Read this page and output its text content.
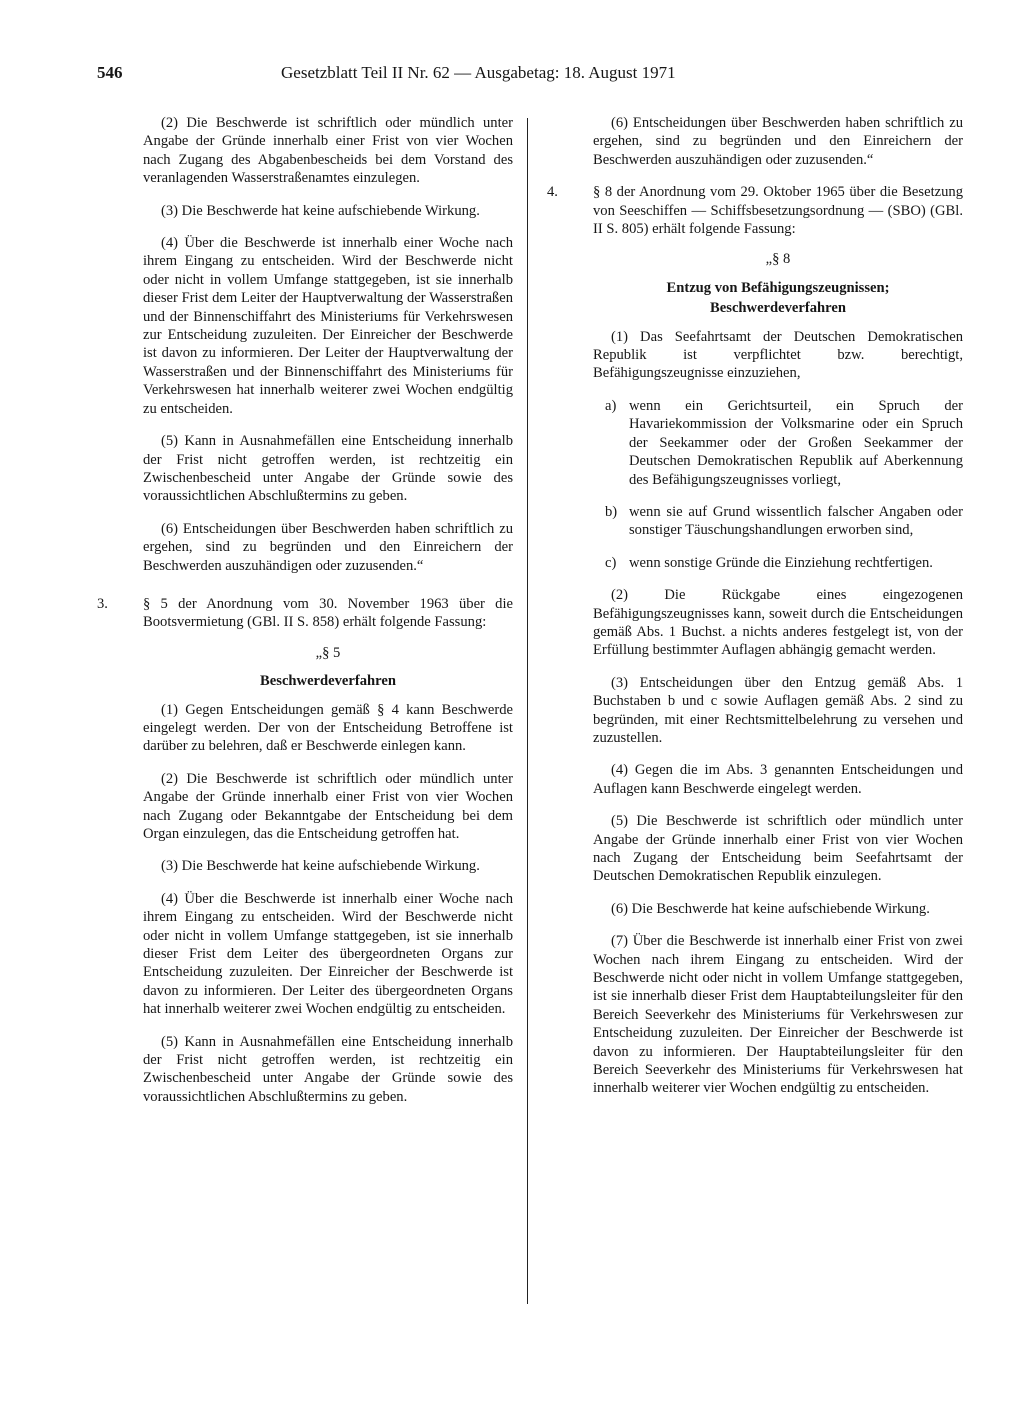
546	Gesetzblatt Teil II Nr. 62 — Ausgabetag: 18. August 1971

(2) Die Beschwerde ist schriftlich oder mündlich unter Angabe der Gründe innerhalb einer Frist von vier Wochen nach Zugang des Abgabenbescheids bei dem Vorstand des veranlagenden Wasserstraßenamtes einzulegen.

(3) Die Beschwerde hat keine aufschiebende Wirkung.

(4) Über die Beschwerde ist innerhalb einer Woche nach ihrem Eingang zu entscheiden. Wird der Beschwerde nicht oder nicht in vollem Umfange stattgegeben, ist sie innerhalb dieser Frist dem Leiter der Hauptverwaltung der Wasserstraßen und der Binnenschiffahrt des Ministeriums für Verkehrswesen zur Entscheidung zuzuleiten. Der Einreicher der Beschwerde ist davon zu informieren. Der Leiter der Hauptverwaltung der Wasserstraßen und der Binnenschiffahrt des Ministeriums für Verkehrswesen hat innerhalb weiterer zwei Wochen endgültig zu entscheiden.

(5) Kann in Ausnahmefällen eine Entscheidung innerhalb der Frist nicht getroffen werden, ist rechtzeitig ein Zwischenbescheid unter Angabe der Gründe sowie des voraussichtlichen Abschlußtermins zu geben.

(6) Entscheidungen über Beschwerden haben schriftlich zu ergehen, sind zu begründen und den Einreichern der Beschwerden auszuhändigen oder zuzusenden.“

3. § 5 der Anordnung vom 30. November 1963 über die Bootsvermietung (GBl. II S. 858) erhält folgende Fassung:
„§ 5
Beschwerdeverfahren

(1) Gegen Entscheidungen gemäß § 4 kann Beschwerde eingelegt werden. Der von der Entscheidung Betroffene ist darüber zu belehren, daß er Beschwerde einlegen kann.

(2) Die Beschwerde ist schriftlich oder mündlich unter Angabe der Gründe innerhalb einer Frist von vier Wochen nach Zugang oder Bekanntgabe der Entscheidung bei dem Organ einzulegen, das die Entscheidung getroffen hat.

(3) Die Beschwerde hat keine aufschiebende Wirkung.

(4) Über die Beschwerde ist innerhalb einer Woche nach ihrem Eingang zu entscheiden. Wird der Beschwerde nicht oder nicht in vollem Umfange stattgegeben, ist sie innerhalb dieser Frist dem Leiter des übergeordneten Organs zur Entscheidung zuzuleiten. Der Einreicher der Beschwerde ist davon zu informieren. Der Leiter des übergeordneten Organs hat innerhalb weiterer zwei Wochen endgültig zu entscheiden.

(5) Kann in Ausnahmefällen eine Entscheidung innerhalb der Frist nicht getroffen werden, ist rechtzeitig ein Zwischenbescheid unter Angabe der Gründe sowie des voraussichtlichen Abschlußtermins zu geben.

(6) Entscheidungen über Beschwerden haben schriftlich zu ergehen, sind zu begründen und den Einreichern der Beschwerden auszuhändigen oder zuzusenden.“

4. § 8 der Anordnung vom 29. Oktober 1965 über die Besetzung von Seeschiffen — Schiffsbesetzungsordnung — (SBO) (GBl. II S. 805) erhält folgende Fassung:
„§ 8
Entzug von Befähigungszeugnissen;
Beschwerdeverfahren

(1) Das Seefahrtsamt der Deutschen Demokratischen Republik ist verpflichtet bzw. berechtigt, Befähigungszeugnisse einzuziehen,

a) wenn ein Gerichtsurteil, ein Spruch der Havariekommission der Volksmarine oder ein Spruch der Seekammer oder der Großen Seekammer der Deutschen Demokratischen Republik auf Aberkennung des Befähigungszeugnisses vorliegt,
b) wenn sie auf Grund wissentlich falscher Angaben oder sonstiger Täuschungshandlungen erworben sind,
c) wenn sonstige Gründe die Einziehung rechtfertigen.

(2) Die Rückgabe eines eingezogenen Befähigungszeugnisses kann, soweit durch die Entscheidungen gemäß Abs. 1 Buchst. a nichts anderes festgelegt ist, von der Erfüllung bestimmter Auflagen abhängig gemacht werden.

(3) Entscheidungen über den Entzug gemäß Abs. 1 Buchstaben b und c sowie Auflagen gemäß Abs. 2 sind zu begründen, mit einer Rechtsmittelbelehrung zu versehen und zuzustellen.

(4) Gegen die im Abs. 3 genannten Entscheidungen und Auflagen kann Beschwerde eingelegt werden.

(5) Die Beschwerde ist schriftlich oder mündlich unter Angabe der Gründe innerhalb einer Frist von vier Wochen nach Zugang der Entscheidung beim Seefahrtsamt der Deutschen Demokratischen Republik einzulegen.

(6) Die Beschwerde hat keine aufschiebende Wirkung.

(7) Über die Beschwerde ist innerhalb einer Frist von zwei Wochen nach ihrem Eingang zu entscheiden. Wird der Beschwerde nicht oder nicht in vollem Umfange stattgegeben, ist sie innerhalb dieser Frist dem Hauptabteilungsleiter für den Bereich Seeverkehr des Ministeriums für Verkehrswesen zur Entscheidung zuzuleiten. Der Einreicher der Beschwerde ist davon zu informieren. Der Hauptabteilungsleiter für den Bereich Seeverkehr des Ministeriums für Verkehrswesen hat innerhalb weiterer vier Wochen endgültig zu entscheiden.
